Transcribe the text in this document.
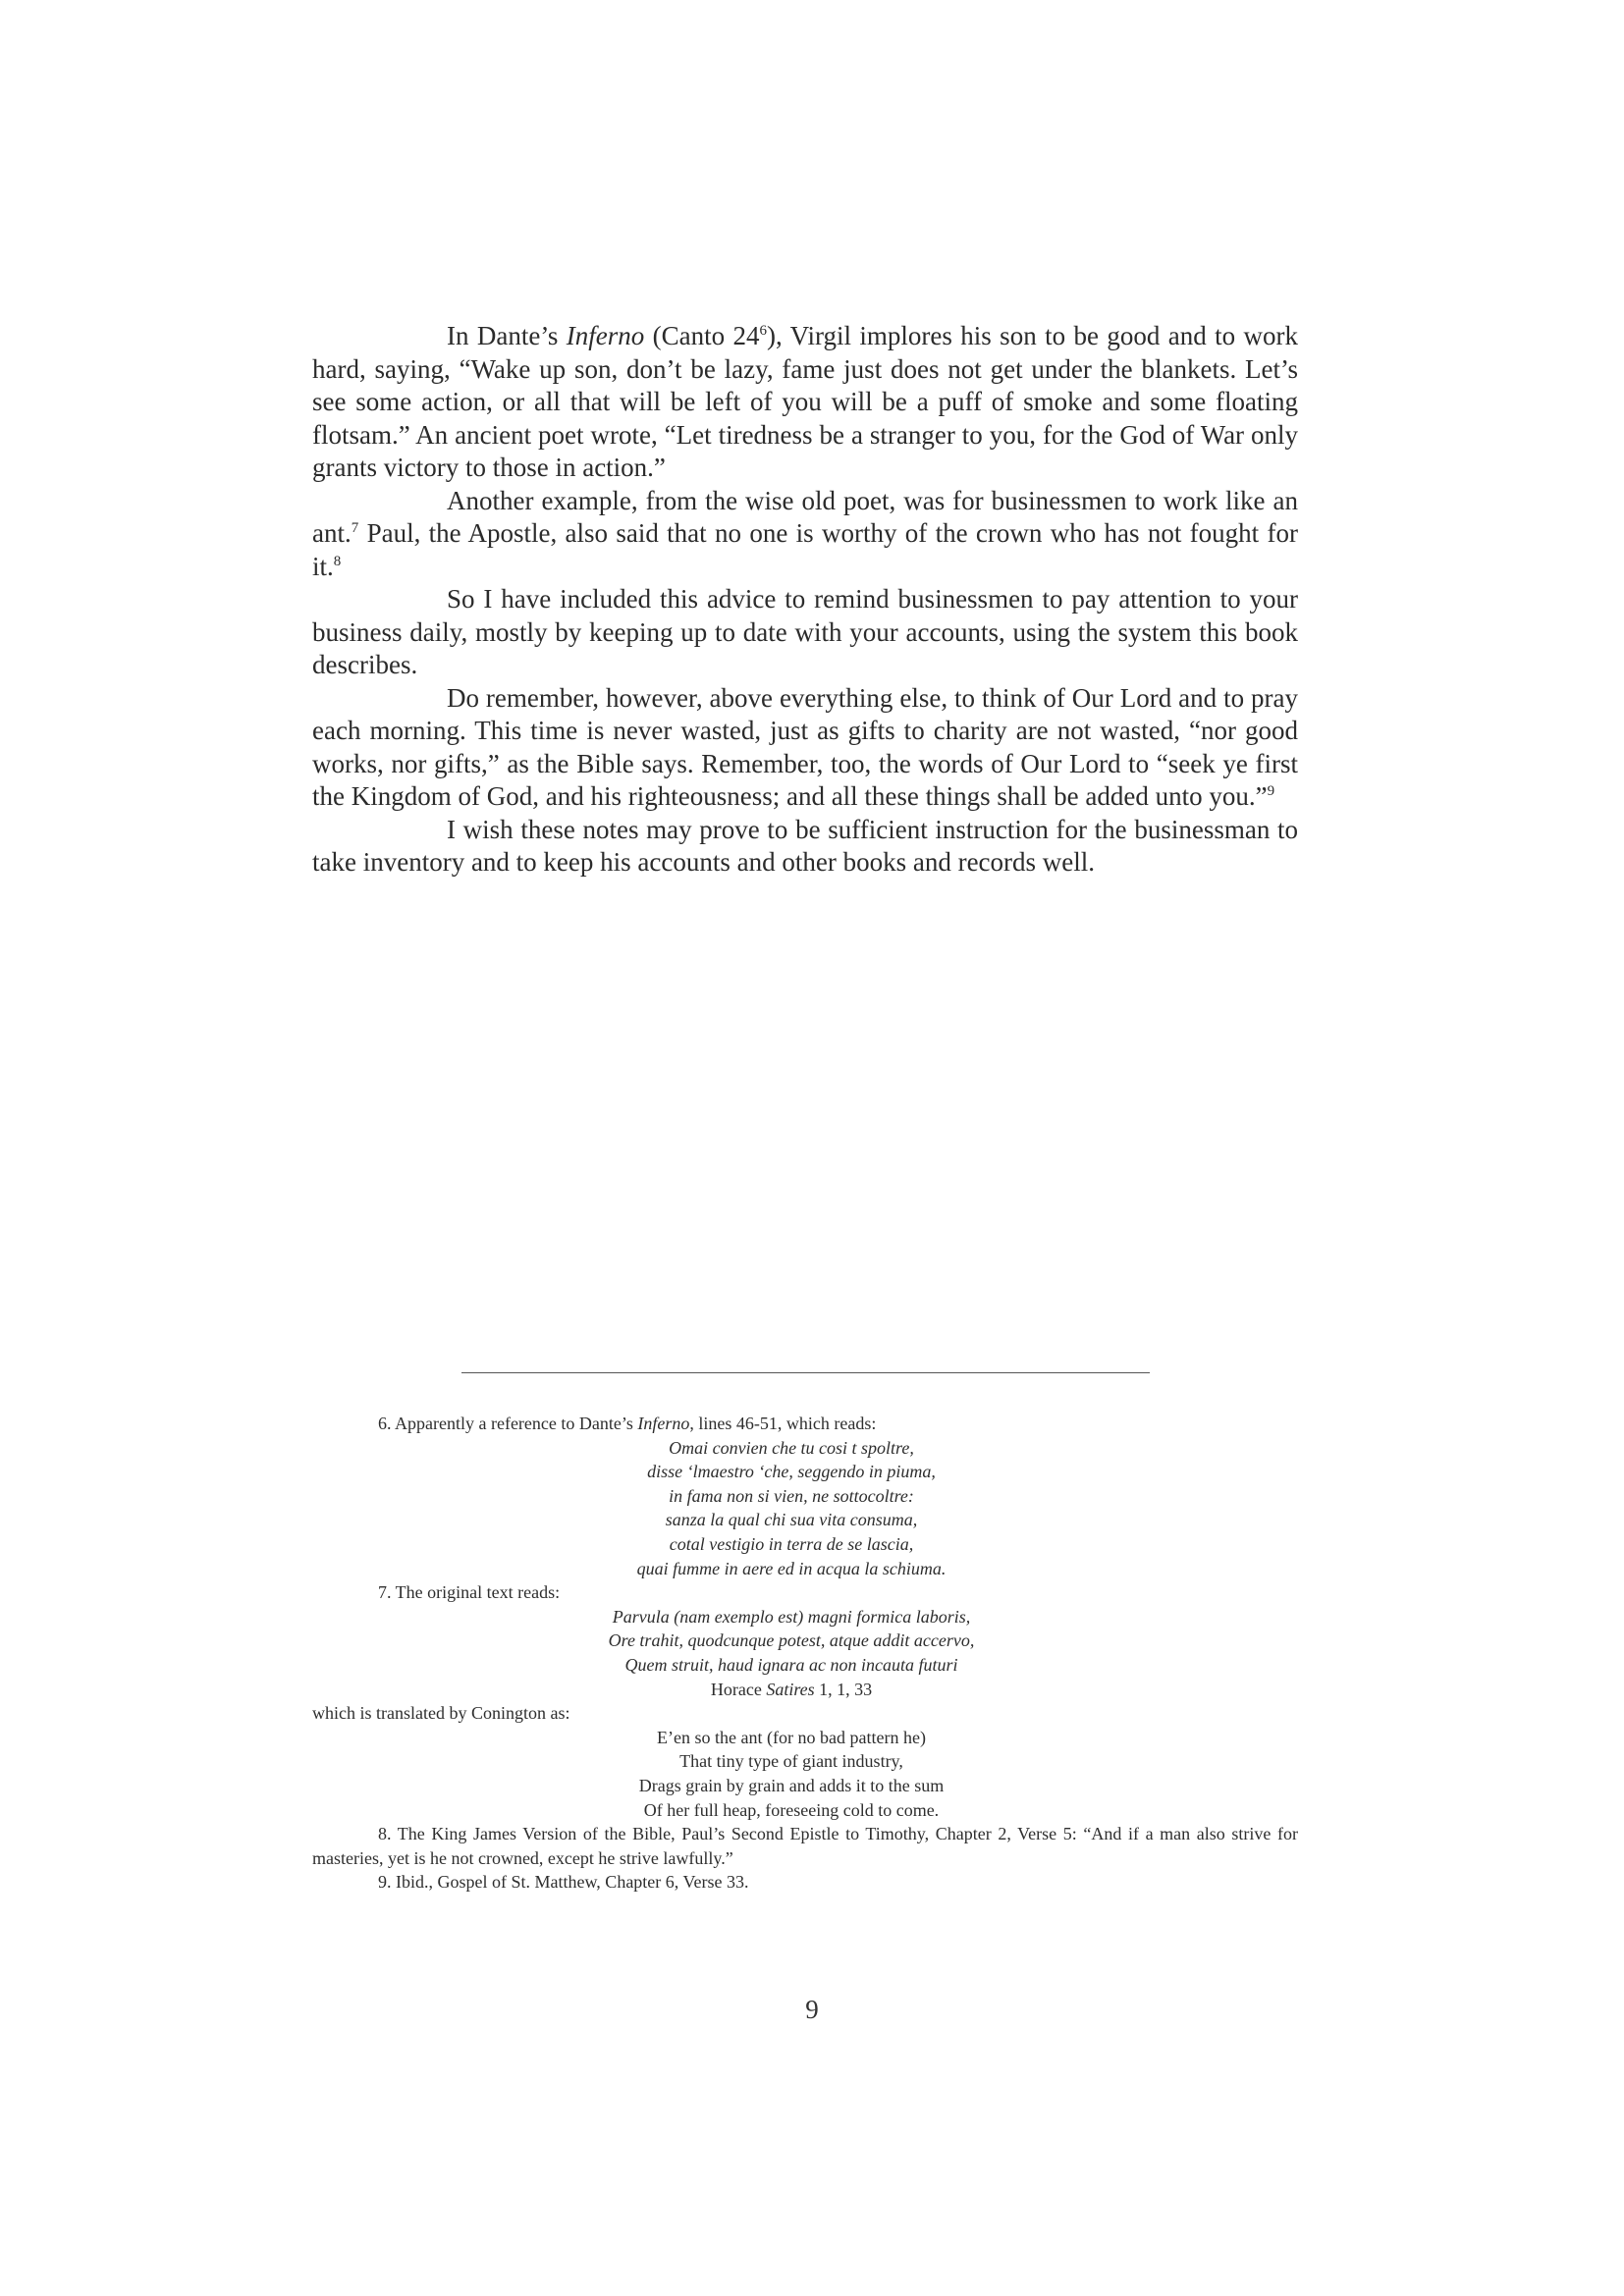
In Dante’s Inferno (Canto $24^6$), Virgil implores his son to be good and to work hard, saying, “Wake up son, don’t be lazy, fame just does not get under the blankets. Let’s see some action, or all that will be left of you will be a puff of smoke and some floating flotsam.” An ancient poet wrote, “Let tiredness be a stranger to you, for the God of War only grants victory to those in action.”

Another example, from the wise old poet, was for businessmen to work like an ant.$^7$ Paul, the Apostle, also said that no one is worthy of the crown who has not fought for it.$^8$

So I have included this advice to remind businessmen to pay attention to your business daily, mostly by keeping up to date with your accounts, using the system this book describes.

Do remember, however, above everything else, to think of Our Lord and to pray each morning. This time is never wasted, just as gifts to charity are not wasted, “nor good works, nor gifts,” as the Bible says. Remember, too, the words of Our Lord to “seek ye first the Kingdom of God, and his righteousness; and all these things shall be added unto you.”$^9$

I wish these notes may prove to be sufficient instruction for the businessman to take inventory and to keep his accounts and other books and records well.

6. Apparently a reference to Dante’s Inferno, lines 46-51, which reads:

Omai convien che tu cosi t spoltre,
disse ‘lmaestro ‘che, seggendo in piuma,
in fama non si vien, ne sottocoltre:
sanza la qual chi sua vita consuma,
cotal vestigio in terra de se lascia,
quai fumme in aere ed in acqua la schiuma.

7. The original text reads:

Parvula (nam exemplo est) magni formica laboris,
Ore trahit, quodcunque potest, atque addit accervo,
Quem struit, haud ignara ac non incauta futuri
Horace Satires 1, 1, 33

which is translated by Conington as:

E’en so the ant (for no bad pattern he)
That tiny type of giant industry,
Drags grain by grain and adds it to the sum
Of her full heap, foreseeing cold to come.

8. The King James Version of the Bible, Paul’s Second Epistle to Timothy, Chapter 2, Verse 5: “And if a man also strive for masteries, yet is he not crowned, except he strive lawfully.”

9. Ibid., Gospel of St. Matthew, Chapter 6, Verse 33.

9
